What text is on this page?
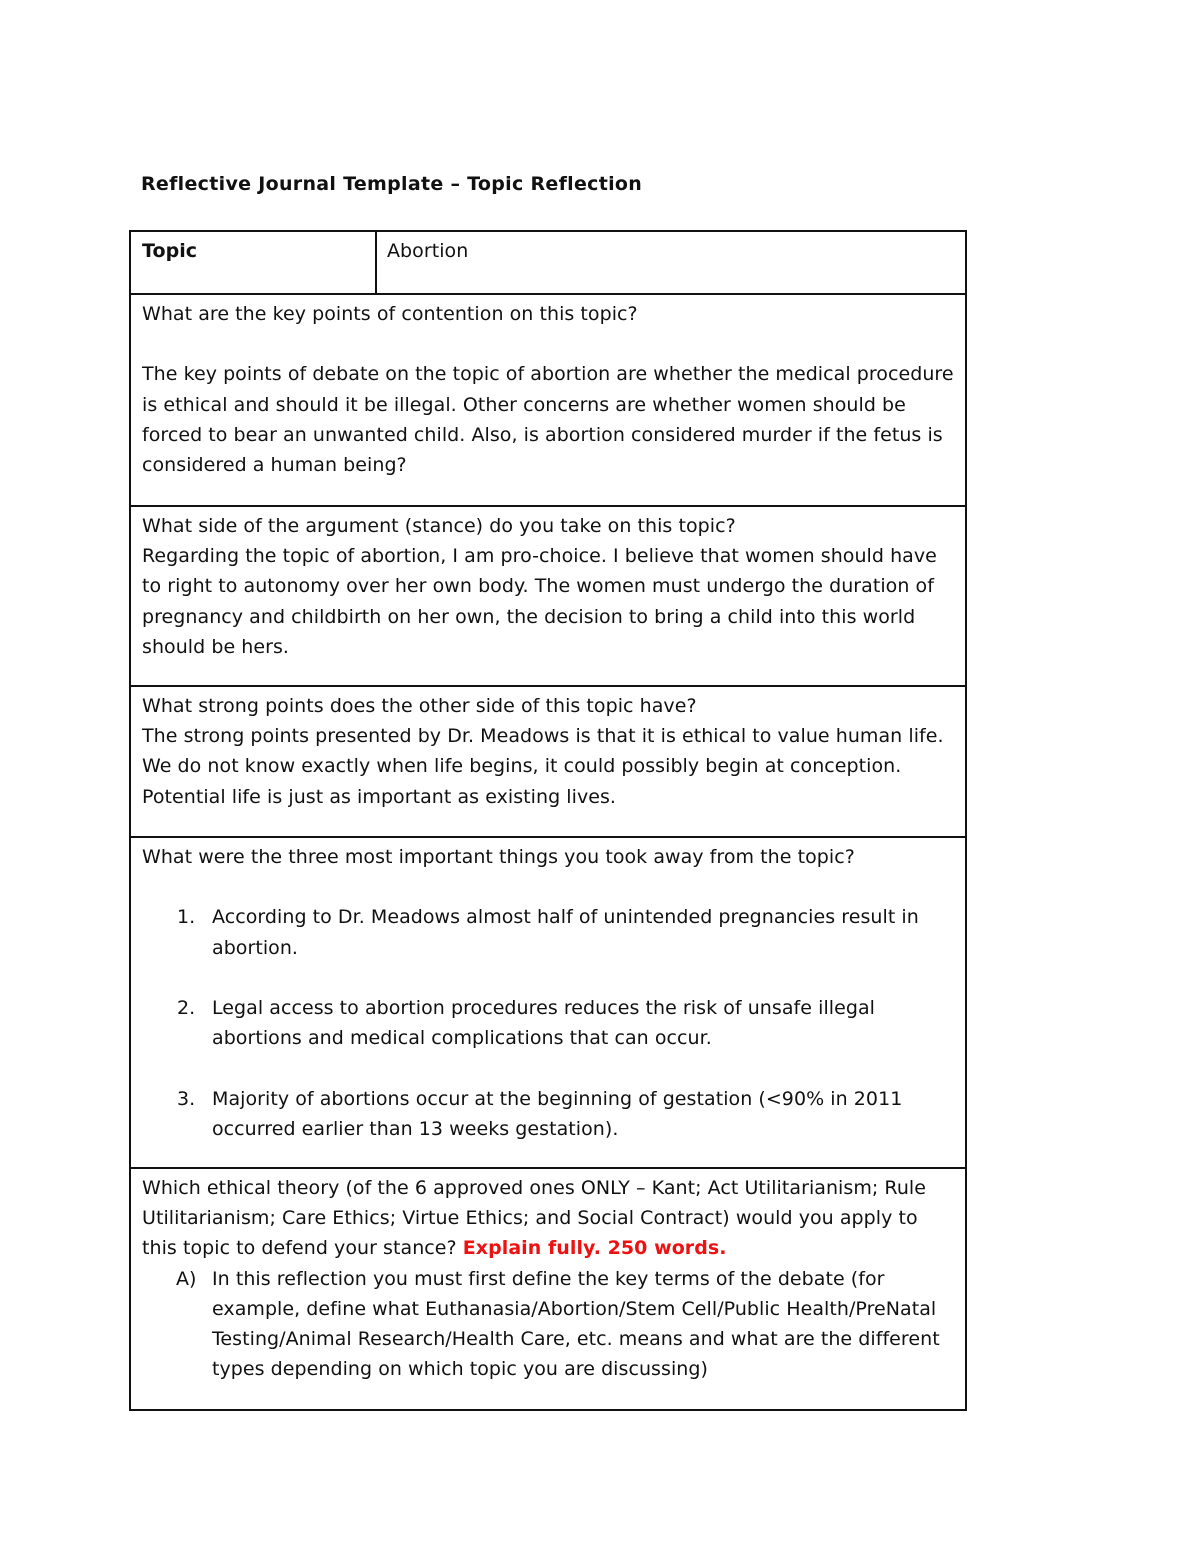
Reflective Journal Template – Topic Reflection
Topic	Abortion

What are the key points of contention on this topic?

The key points of debate on the topic of abortion are whether the medical procedure is ethical and should it be illegal. Other concerns are whether women should be forced to bear an unwanted child. Also, is abortion considered murder if the fetus is considered a human being?

What side of the argument (stance) do you take on this topic?

Regarding the topic of abortion, I am pro-choice. I believe that women should have to right to autonomy over her own body. The women must undergo the duration of pregnancy and childbirth on her own, the decision to bring a child into this world should be hers.

What strong points does the other side of this topic have?

The strong points presented by Dr. Meadows is that it is ethical to value human life. We do not know exactly when life begins, it could possibly begin at conception. Potential life is just as important as existing lives.

What were the three most important things you took away from the topic?

1. According to Dr. Meadows almost half of unintended pregnancies result in abortion.
2. Legal access to abortion procedures reduces the risk of unsafe illegal abortions and medical complications that can occur.
3. Majority of abortions occur at the beginning of gestation (<90% in 2011 occurred earlier than 13 weeks gestation).

Which ethical theory (of the 6 approved ones ONLY – Kant; Act Utilitarianism; Rule Utilitarianism; Care Ethics; Virtue Ethics; and Social Contract) would you apply to this topic to defend your stance? Explain fully. 250 words.

A) In this reflection you must first define the key terms of the debate (for example, define what Euthanasia/Abortion/Stem Cell/Public Health/PreNatal Testing/Animal Research/Health Care, etc. means and what are the different types depending on which topic you are discussing)
